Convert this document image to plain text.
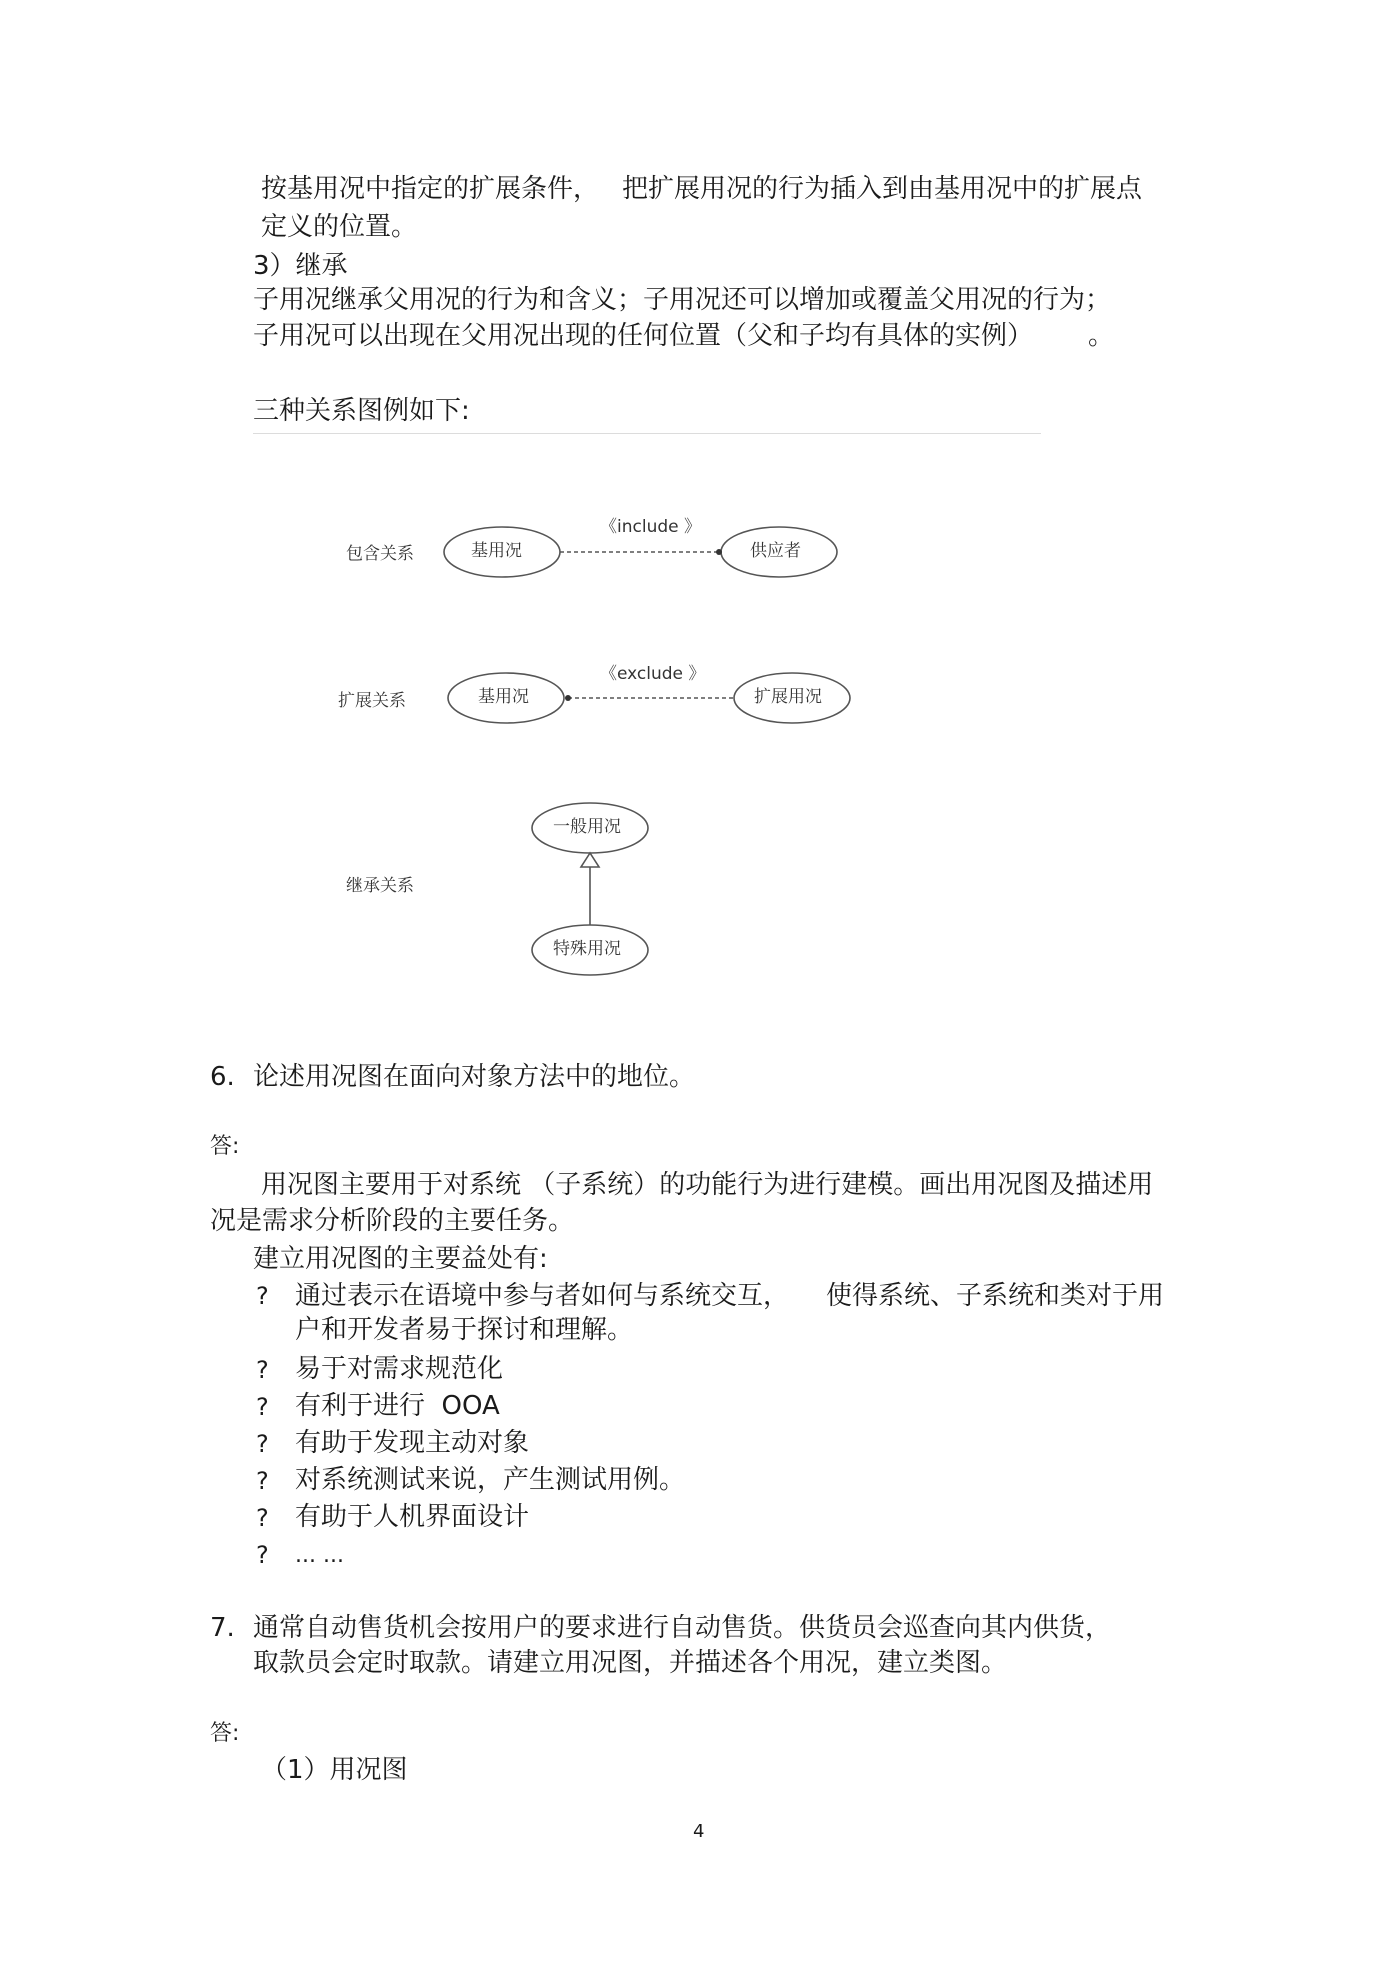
按基用况中指定的扩展条件， 把扩展用况的行为插入到由基用况中的扩展点
定义的位置。
3）继承
子用况继承父用况的行为和含义；子用况还可以增加或覆盖父用况的行为；
子用况可以出现在父用况出现的任何位置（父和子均有具体的实例） 。
三种关系图例如下:
包含关系
《include 》
基用况	供应者
扩展关系
《exclude 》
基用况	扩展用况
继承关系
一般用况
特殊用况
6. 论述用况图在面向对象方法中的地位。
答:
用况图主要用于对系统 （子系统）的功能行为进行建模。画出用况图及描述用
况是需求分析阶段的主要任务。
建立用况图的主要益处有:
? 通过表示在语境中参与者如何与系统交互， 使得系统、子系统和类对于用
户和开发者易于探讨和理解。
? 易于对需求规范化
? 有利于进行  OOA
? 有助于发现主动对象
? 对系统测试来说，产生测试用例。
? 有助于人机界面设计
? ... ...
7. 通常自动售货机会按用户的要求进行自动售货。供货员会巡查向其内供货，
取款员会定时取款。请建立用况图，并描述各个用况，建立类图。
答:
（1）用况图
4
